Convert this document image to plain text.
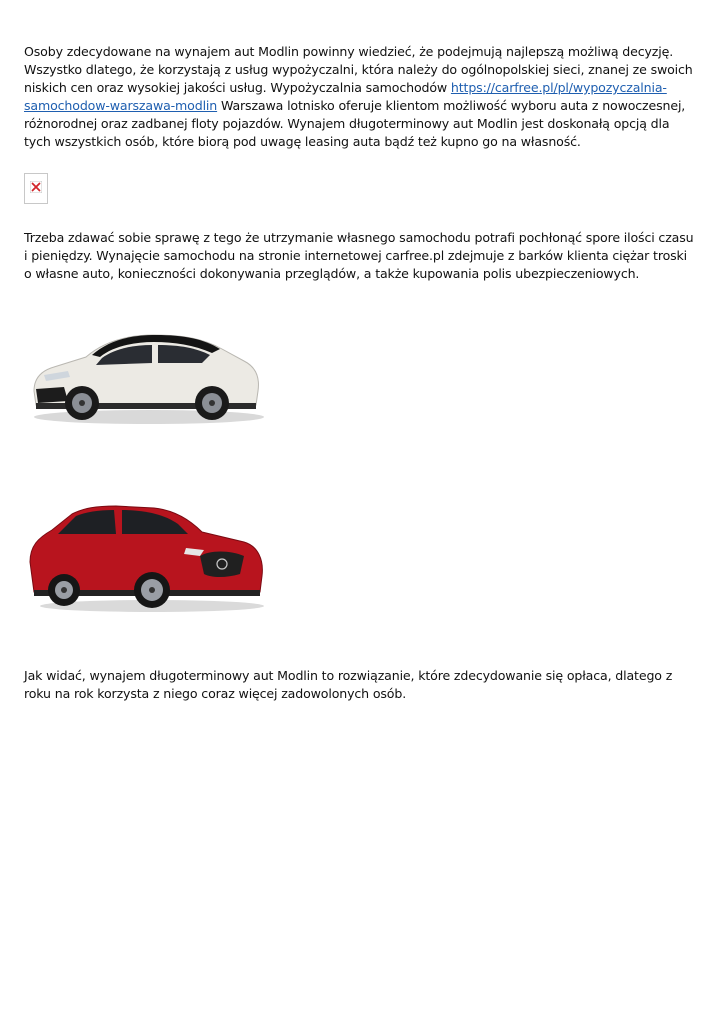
Osoby zdecydowane na wynajem aut Modlin powinny wiedzieć, że podejmują najlepszą możliwą decyzję. Wszystko dlatego, że korzystają z usług wypożyczalni, która należy do ogólnopolskiej sieci, znanej ze swoich niskich cen oraz wysokiej jakości usług. Wypożyczalnia samochodów https://carfree.pl/pl/wypozyczalnia-samochodow-warszawa-modlin Warszawa lotnisko oferuje klientom możliwość wyboru auta z nowoczesnej, różnorodnej oraz zadbanej floty pojazdów. Wynajem długoterminowy aut Modlin jest doskonałą opcją dla tych wszystkich osób, które biorą pod uwagę leasing auta bądź też kupno go na własność.

Trzeba zdawać sobie sprawę z tego że utrzymanie własnego samochodu potrafi pochłonąć spore ilości czasu i pieniędzy. Wynajęcie samochodu na stronie internetowej carfree.pl zdejmuje z barków klienta ciężar troski o własne auto, konieczności dokonywania przeglądów, a także kupowania polis ubezpieczeniowych.

Jak widać, wynajem długoterminowy aut Modlin to rozwiązanie, które zdecydowanie się opłaca, dlatego z roku na rok korzysta z niego coraz więcej zadowolonych osób.
